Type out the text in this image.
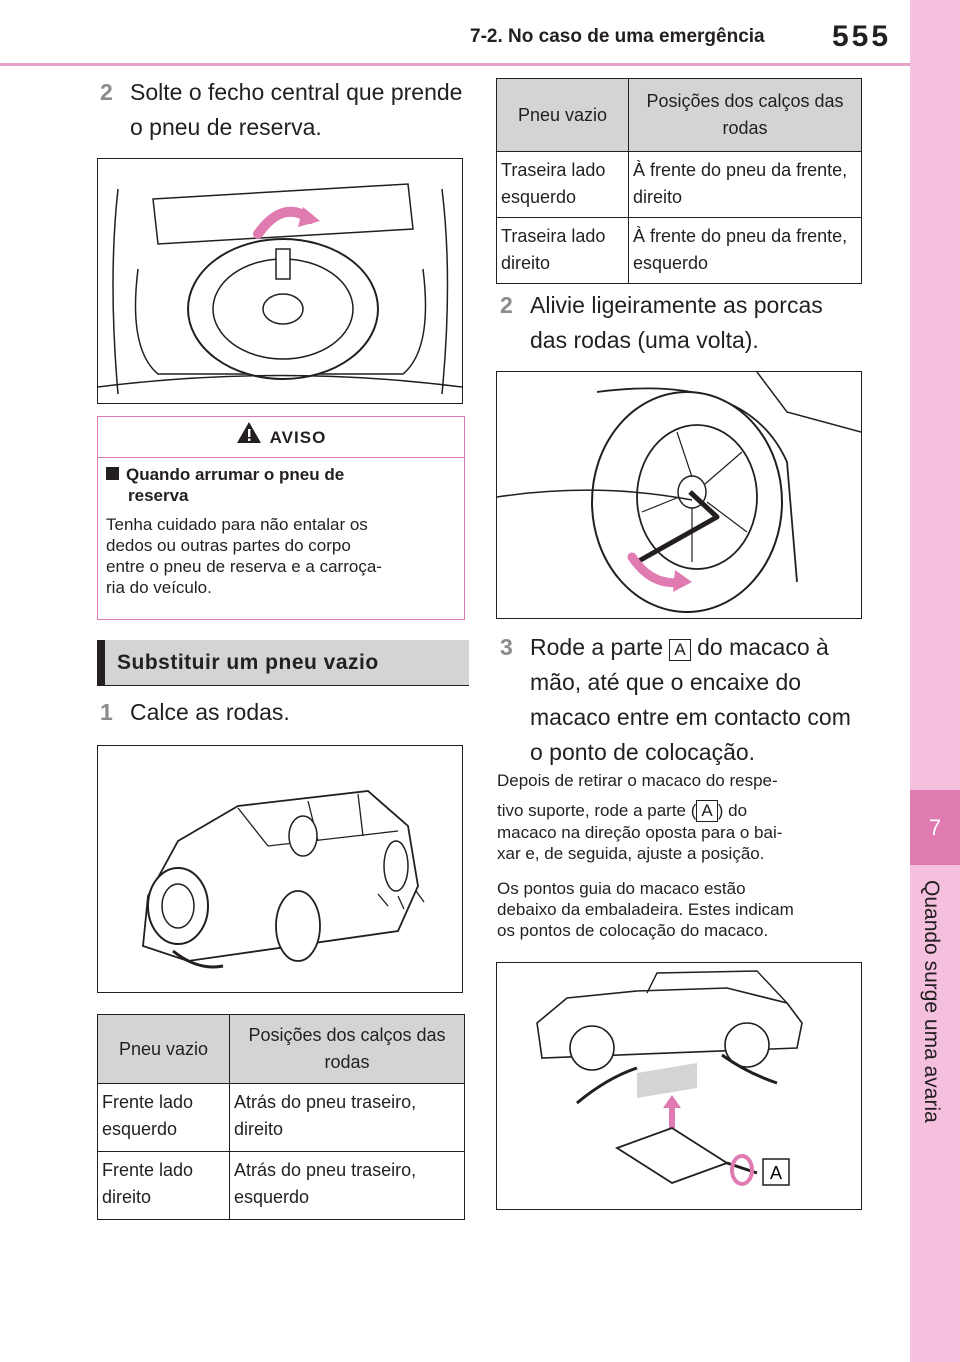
7-2. No caso de uma emergência 555
7
Quando surge uma avaria
2 Solte o fecho central que prende
o pneu de reserva.
AVISO
Quando arrumar o pneu de
reserva
Tenha cuidado para não entalar os
dedos ou outras partes do corpo
entre o pneu de reserva e a carroça-
ria do veículo.
Substituir um pneu vazio
1 Calce as rodas.
Pneu vazio	Posições dos calços das rodas
Frente lado esquerdo	Atrás do pneu traseiro, direito
Frente lado direito	Atrás do pneu traseiro, esquerdo
Pneu vazio	Posições dos calços das rodas
Traseira lado esquerdo	À frente do pneu da frente, direito
Traseira lado direito	À frente do pneu da frente, esquerdo
2 Alivie ligeiramente as porcas
das rodas (uma volta).
3 Rode a parte A do macaco à
mão, até que o encaixe do
macaco entre em contacto com
o ponto de colocação.
Depois de retirar o macaco do respe-
tivo suporte, rode a parte ( A ) do
macaco na direção oposta para o bai-
xar e, de seguida, ajuste a posição.
Os pontos guia do macaco estão
debaixo da embaladeira. Estes indicam
os pontos de colocação do macaco.
A
